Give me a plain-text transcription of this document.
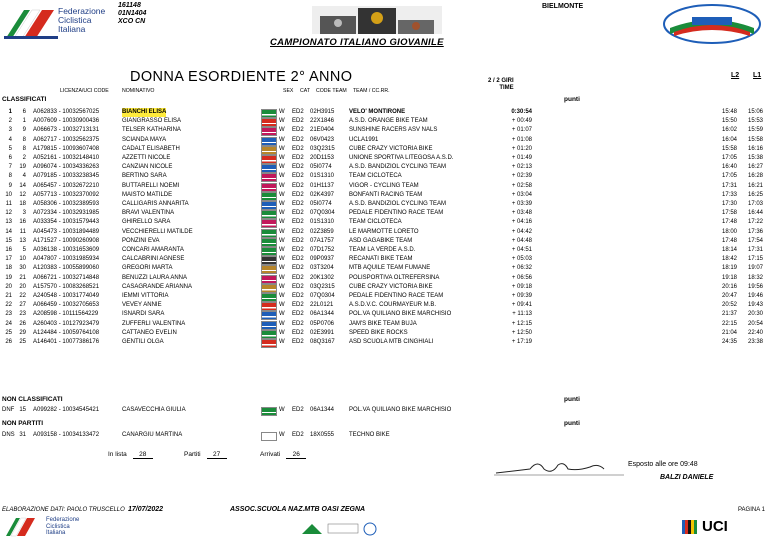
Federazione
Ciclistica
Italiana
161148
01N1404
XCO CN
BIELMONTE
CAMPIONATO ITALIANO GIOVANILE
DONNA ESORDIENTE 2° ANNO	2 / 2 GIRI
TIME
L2 L1
LICENZA/UCI CODE	NOMINATIVO	SEX CAT CODE TEAM TEAM / CC.RR.
CLASSIFICATI	punti
1	6 A062833 - 10032567025	BIANCHI ELISA	W ED2 02H3915 VELO' MONTIRONE	0:30:54	15:48 15:06
2	1 A007609 - 10030900436	GIANGRASSO ELISA	W ED2 22X1846 A.S.D. ORANGE BIKE TEAM	+ 00:49	15:50 15:53
3	9 A066673 - 10032713131	TELSER KATHARINA	W ED2 21E0404 SUNSHINE RACERS ASV NALS	+ 01:07	16:02 15:59
4	8 A062717 - 10032562375	SCIANDA MAYA	W ED2 06V0423 UCLA1991	+ 01:08	16:04 15:58
5	8 A179815 - 10093607408	CADALT ELISABETH	W ED2 03Q2315 CUBE CRAZY VICTORIA BIKE	+ 01:20	15:58 16:16
6	2 A052161 - 10032148410	AZZETTI NICOLE	W ED2 20D1153	UNIONE SPORTIVA LITEGOSA A.S.D.	+ 01:49	17:05 15:38
7	19 A096074 - 10034336263	CANZIAN NICOLE	W ED2 05I0774	A.S.D. BANDIZIOL CYCLING TEAM	+ 02:13	16:40 16:27
8	4 A079185 - 10033238345	BERTINO SARA	W ED2 01S1310 TEAM CICLOTECA	+ 02:39	17:05 16:28
9	14 A065457 - 10032672210	BUTTARELLI NOEMI	W ED2 01H1137	VIGOR - CYCLING TEAM	+ 02:58	17:31 16:21
10	12 A057713 - 10032370092	MAISTO MATILDE	W ED2 02K4397 BONFANTI RACING TEAM	+ 03:04	17:33 16:25
11	18 A058306 - 10032389593	CALLIGARIS ANNARITA	W ED2 05I0774	A.S.D. BANDIZIOL CYCLING TEAM	+ 03:39	17:30 17:03
12	3 A072334 - 10032931985	BRAVI VALENTINA	W ED2 07Q0304 PEDALE FIDENTINO RACE TEAM	+ 03:48	17:58 16:44
13	16 A033354 - 10031579443	GHIRELLO SARA	W ED2 01S1310 TEAM CICLOTECA	+ 04:16	17:48 17:22
14	11 A045473 - 10031894489	VECCHIERELLI MATILDE	W ED2 02Z3859	LE MARMOTTE LORETO	+ 04:42	18:00 17:36
15	13 A171527 - 10090260908	PONZINI EVA	W ED2 07A1757 ASD GAGABIKE TEAM	+ 04:48	17:48 17:54
16	5 A036138 - 10031653609	CONCARI AMARANTA	W ED2 07D1752 TEAM LA VERDE A.S.D.	+ 04:51	18:14 17:31
17	10 A047807 - 10031985934	CALCABRINI AGNESE	W ED2 09P0937 RECANATI BIKE TEAM	+ 05:03	18:42 17:15
18	30 A120383 - 10055899060	GREGORI MARTA	W ED2 03T3204	MTB AQUILE TEAM FUMANE	+ 06:32	18:19 19:07
19	21 A066721 - 10032714848	BENUZZI LAURA ANNA	W ED2 20K1302 POLISPORTIVA OLTREFERSINA	+ 06:56	19:18 18:32
20	20 A157570 - 10083268521	CASAGRANDE ARIANNA	W ED2 03Q2315 CUBE CRAZY VICTORIA BIKE	+ 09:18	20:16 19:56
21	22 A240548 - 10031774049	IEMMI VITTORIA	W ED2 07Q0304 PEDALE FIDENTINO RACE TEAM	+ 09:39	20:47 19:46
22	27 A066459 - 10032705653	VEVEY ANNIE	W ED2 22L0121	A.S.D.V.C. COURMAYEUR M.B.	+ 09:41	20:52 19:43
23	23 A208598 - 10111564229	ISNARDI SARA	W ED2 06A1344 POL.VA QUILIANO BIKE MARCHISIO	+ 11:13	21:37 20:30
24	26 A260403 - 10127923479	ZUFFERLI VALENTINA	W ED2 05P0706 JAM'S BIKE TEAM BUJA	+ 12:15	22:15 20:54
25	29 A124484 - 10059764108	CATTANEO EVELIN	W ED2 02E3991 SPEED BIKE ROCKS	+ 12:50	21:04 22:40
26	25 A146401 - 10077386176	GENTILI OLGA	W ED2 08Q3167 ASD SCUOLA MTB CINGHIALI	+ 17:19	24:35 23:38
NON CLASSIFICATI	punti
DNF 15 A099282 - 10034545421	CASAVECCHIA GIULIA	W ED2 06A1344 POL.VA QUILIANO BIKE MARCHISIO
NON PARTITI	punti
DNS 31 A093158 - 10034133472	CANARGIU MARTINA	W ED2 18X0555 TECHNO BIKE
In lista 28	Partiti 27	Arrivati 26
Esposto alle ore 09:48
BALZI DANIELE
ELABORAZIONE DATI: PAOLO TRUSCELLO 17/07/2022	ASSOC.SCUOLA NAZ.MTB OASI ZEGNA	PAGINA 1
Federazione
Ciclistica
Italiana	UCI
